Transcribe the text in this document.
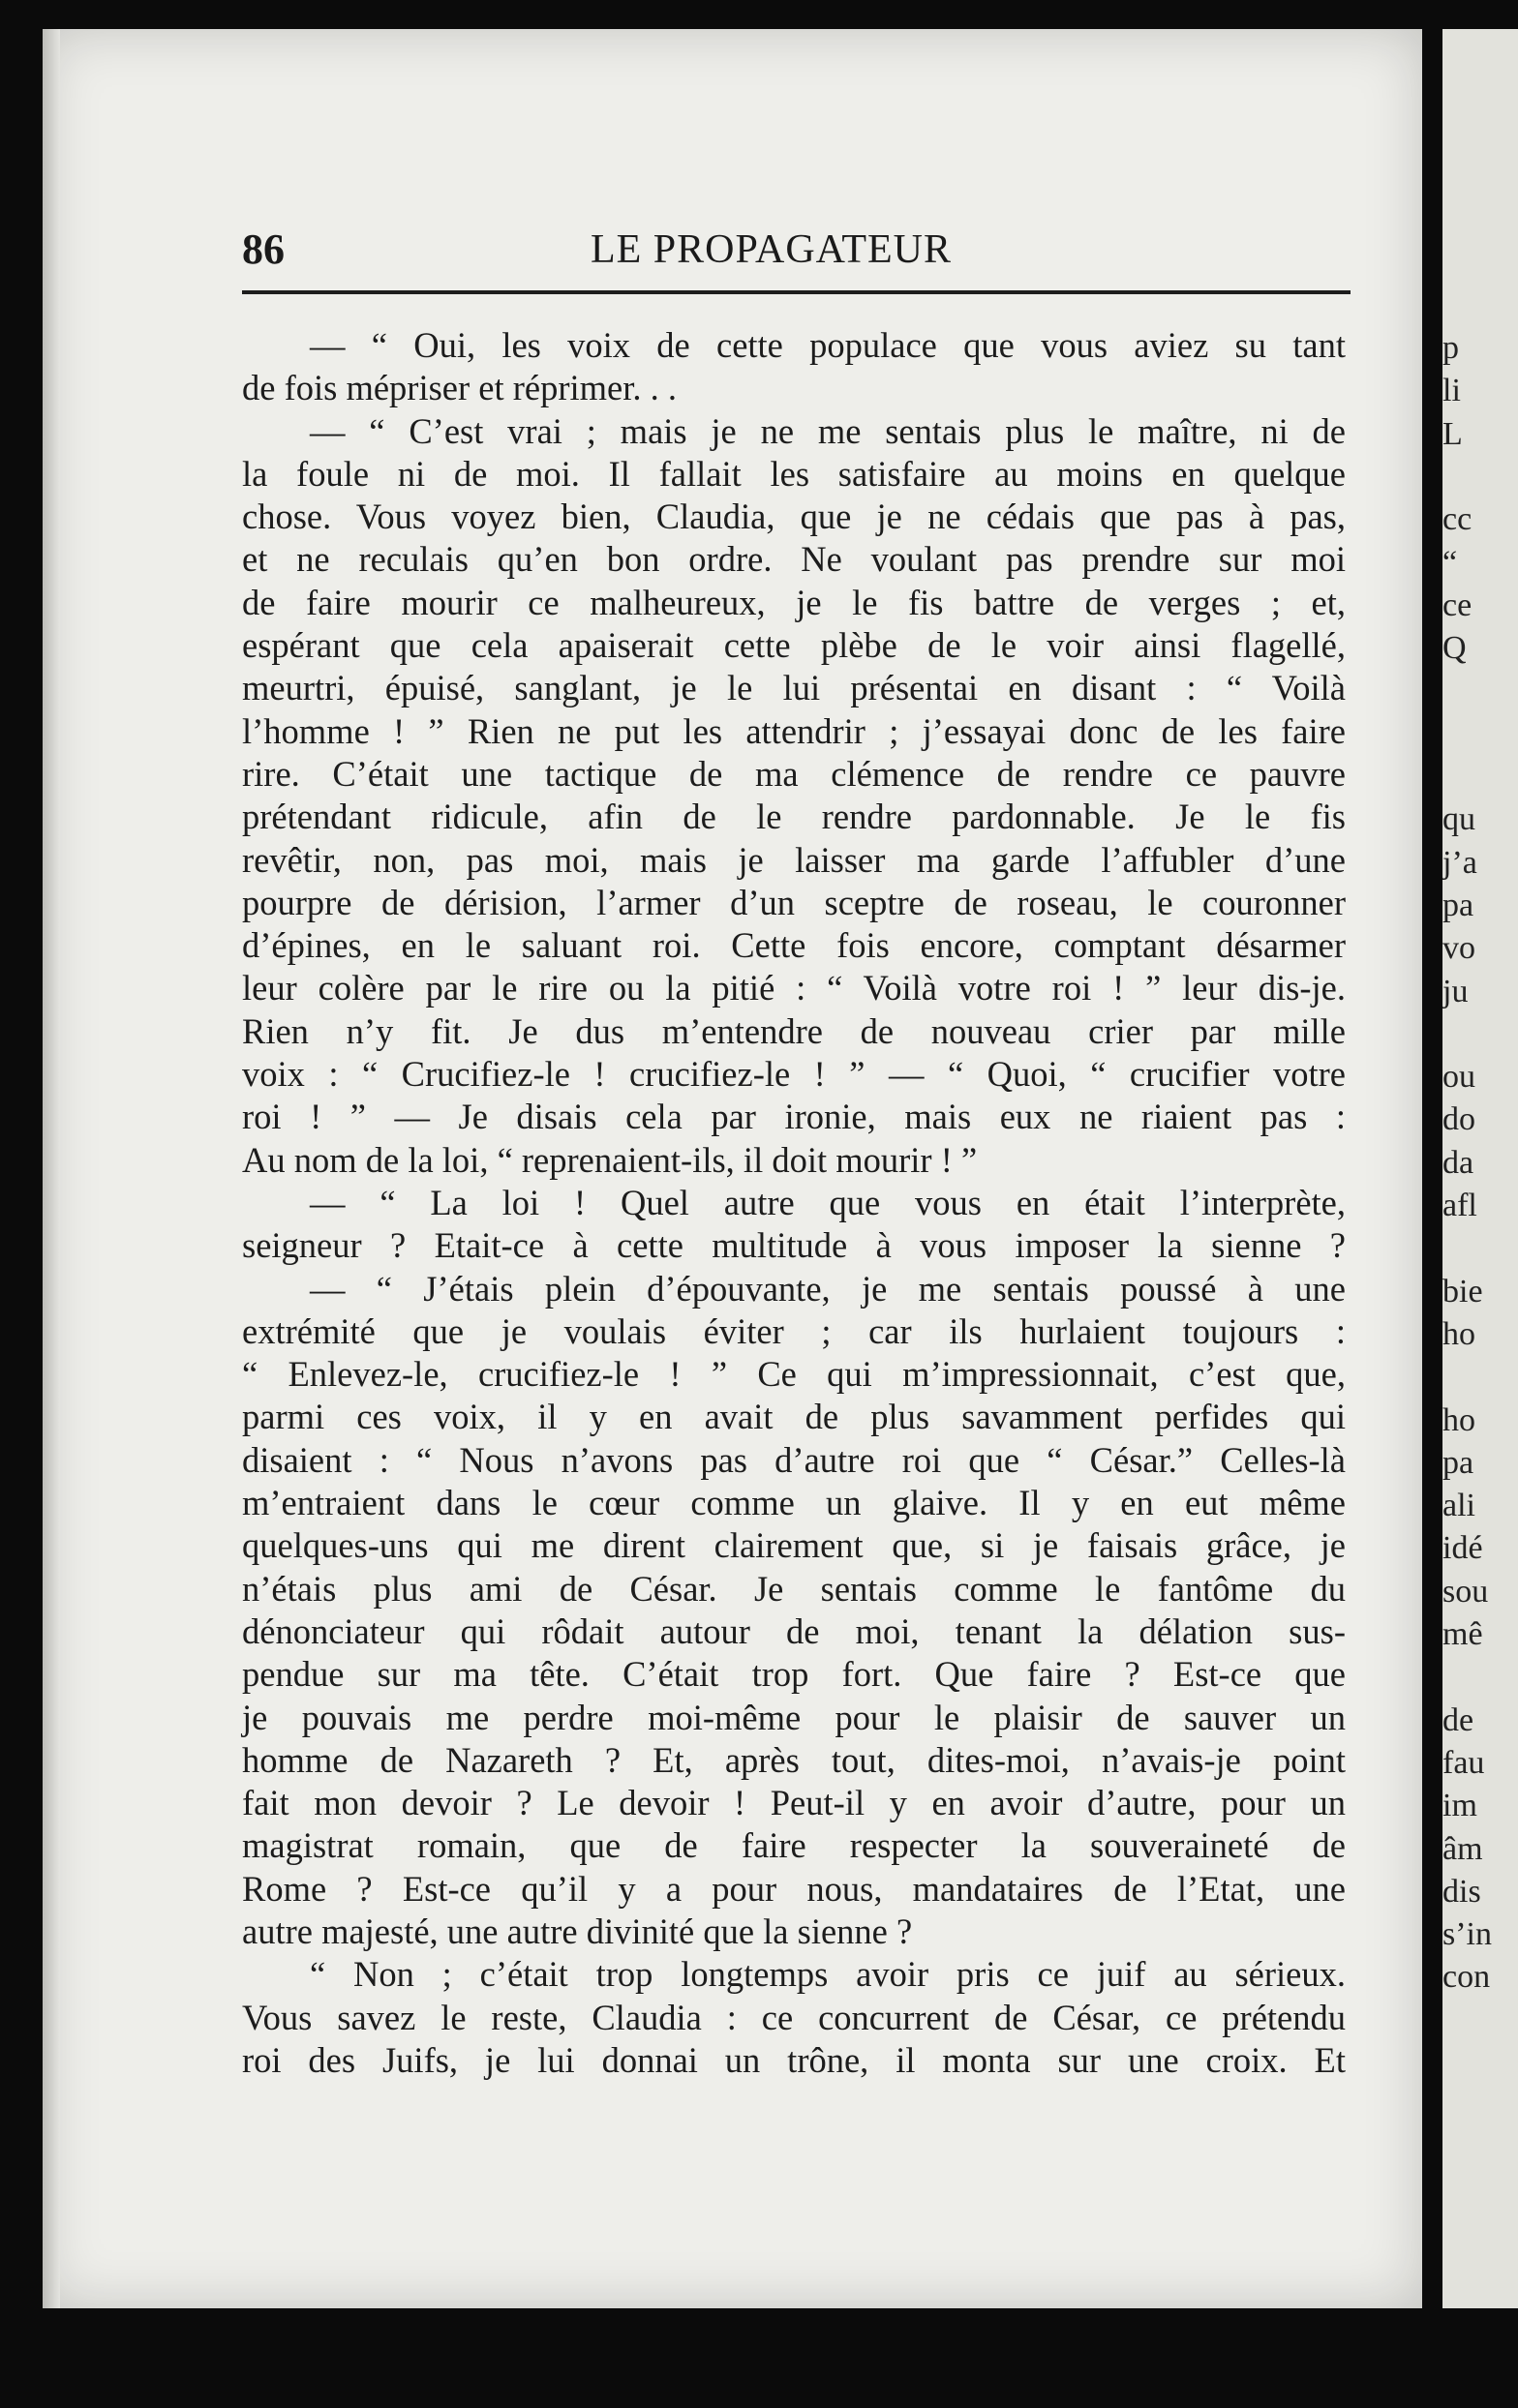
86	LE PROPAGATEUR
— “ Oui, les voix de cette populace que vous aviez su tant
de fois mépriser et réprimer. . .
— “ C’est vrai ; mais je ne me sentais plus le maître, ni de
la foule ni de moi. Il fallait les satisfaire au moins en quelque
chose. Vous voyez bien, Claudia, que je ne cédais que pas à pas,
et ne reculais qu’en bon ordre. Ne voulant pas prendre sur moi
de faire mourir ce malheureux, je le fis battre de verges ; et,
espérant que cela apaiserait cette plèbe de le voir ainsi flagellé,
meurtri, épuisé, sanglant, je le lui présentai en disant : “ Voilà
l’homme ! ” Rien ne put les attendrir ; j’essayai donc de les faire
rire. C’était une tactique de ma clémence de rendre ce pauvre
prétendant ridicule, afin de le rendre pardonnable. Je le fis
revêtir, non, pas moi, mais je laisser ma garde l’affubler d’une
pourpre de dérision, l’armer d’un sceptre de roseau, le couronner
d’épines, en le saluant roi. Cette fois encore, comptant désarmer
leur colère par le rire ou la pitié : “ Voilà votre roi ! ” leur dis-je.
Rien n’y fit. Je dus m’entendre de nouveau crier par mille
voix : “ Crucifiez-le ! crucifiez-le ! ” — “ Quoi, “ crucifier votre
roi ! ” — Je disais cela par ironie, mais eux ne riaient pas :
Au nom de la loi, “ reprenaient-ils, il doit mourir ! ”
— “ La loi ! Quel autre que vous en était l’interprète,
seigneur ? Etait-ce à cette multitude à vous imposer la sienne ?
— “ J’étais plein d’épouvante, je me sentais poussé à une
extrémité que je voulais éviter ; car ils hurlaient toujours :
“ Enlevez-le, crucifiez-le ! ” Ce qui m’impressionnait, c’est que,
parmi ces voix, il y en avait de plus savamment perfides qui
disaient : “ Nous n’avons pas d’autre roi que “ César.” Celles-là
m’entraient dans le cœur comme un glaive. Il y en eut même
quelques-uns qui me dirent clairement que, si je faisais grâce, je
n’étais plus ami de César. Je sentais comme le fantôme du
dénonciateur qui rôdait autour de moi, tenant la délation sus-
pendue sur ma tête. C’était trop fort. Que faire ? Est-ce que
je pouvais me perdre moi-même pour le plaisir de sauver un
homme de Nazareth ? Et, après tout, dites-moi, n’avais-je point
fait mon devoir ? Le devoir ! Peut-il y en avoir d’autre, pour un
magistrat romain, que de faire respecter la souveraineté de
Rome ? Est-ce qu’il y a pour nous, mandataires de l’Etat, une
autre majesté, une autre divinité que la sienne ?
“ Non ; c’était trop longtemps avoir pris ce juif au sérieux.
Vous savez le reste, Claudia : ce concurrent de César, ce prétendu
roi des Juifs, je lui donnai un trône, il monta sur une croix. Et
p
li
L
cc
“
ce
Q
qu
j’a
pa
vo
ju
ou
do
da
afl
bie
ho
ho
pa
ali
idé
sou
mê
de
fau
im
âm
dis
s’in
con
